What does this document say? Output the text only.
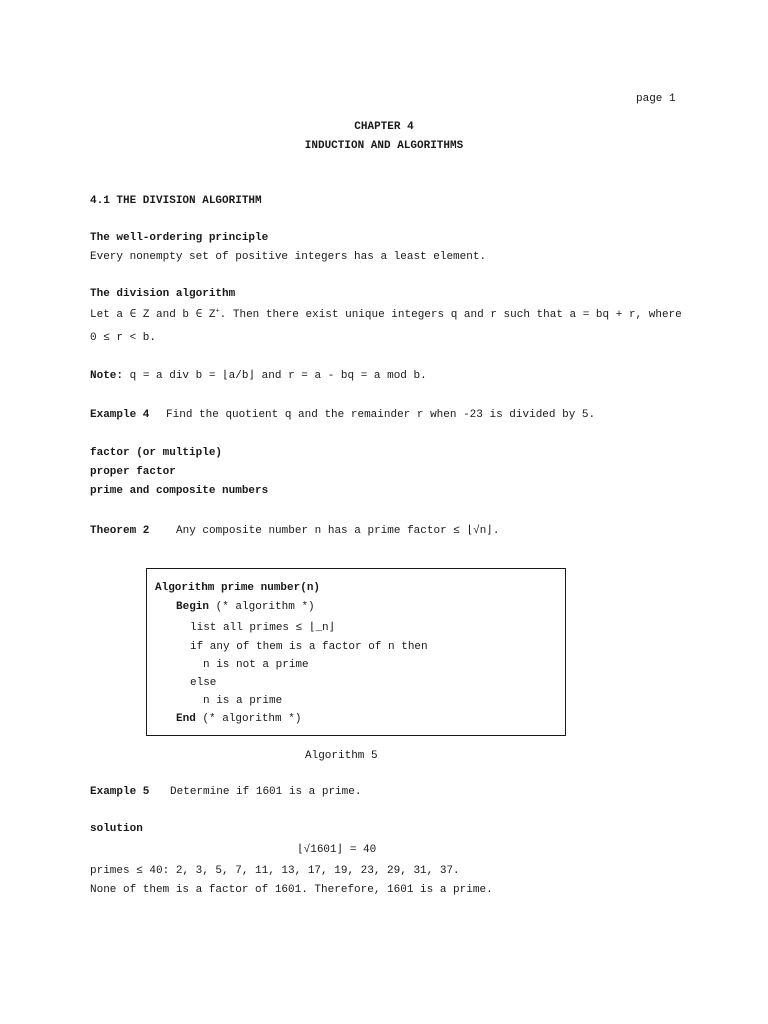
page 1
CHAPTER 4
INDUCTION AND ALGORITHMS
4.1 THE DIVISION ALGORITHM
The well-ordering principle
Every nonempty set of positive integers has a least element.
The division algorithm
Let a ∈ Z and b ∈ Z+. Then there exist unique integers q and r such that a = bq + r, where
0 ≤ r < b.
Note: q = a div b = ⌊a/b⌋ and r = a - bq = a mod b.
Example 4 Find the quotient q and the remainder r when -23 is divided by 5.
factor (or multiple)
proper factor
prime and composite numbers
Theorem 2 Any composite number n has a prime factor ≤ ⌊√n⌋.
Algorithm prime number(n)
Begin (* algorithm *)
list all primes ≤ ⌊_n⌋
if any of them is a factor of n then
n is not a prime
else
n is a prime
End (* algorithm *)
Algorithm 5
Example 5 Determine if 1601 is a prime.
solution
⌊√1601⌋ = 40
primes ≤ 40: 2, 3, 5, 7, 11, 13, 17, 19, 23, 29, 31, 37.
None of them is a factor of 1601. Therefore, 1601 is a prime.
